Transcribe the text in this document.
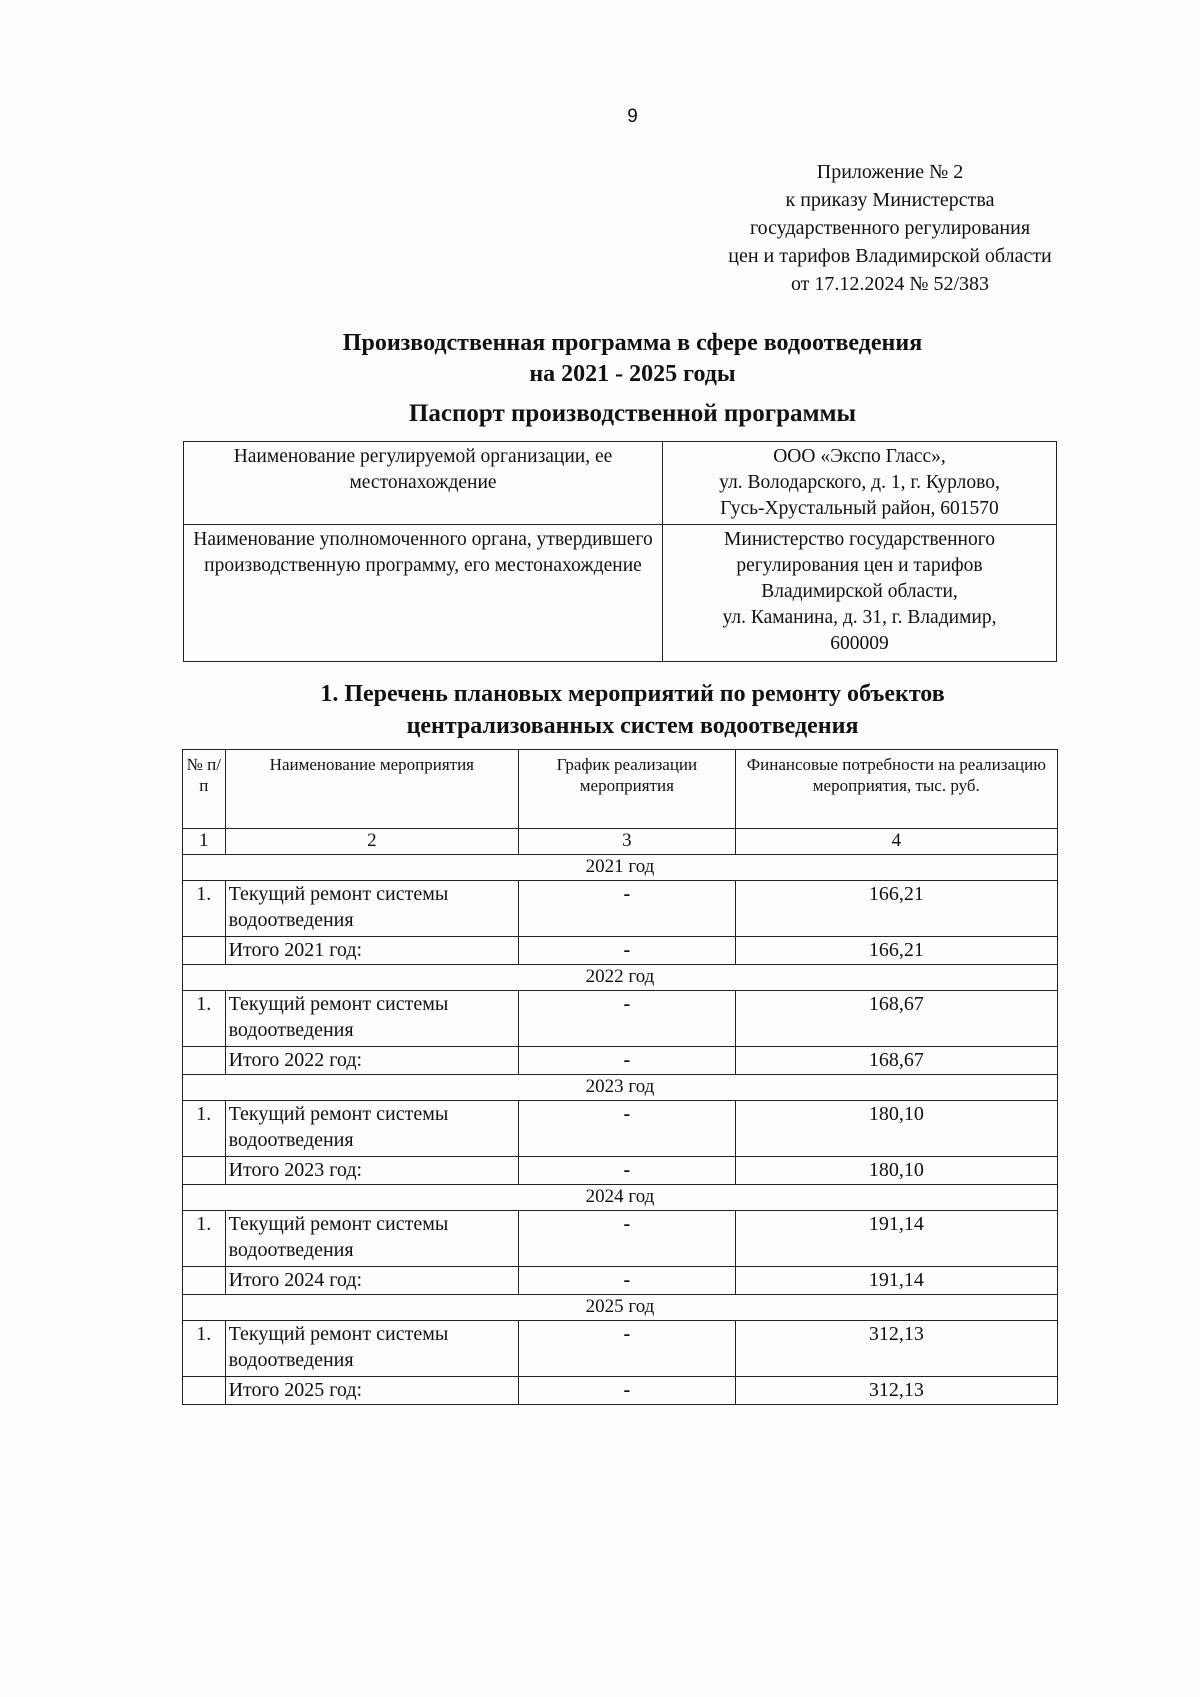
9
Приложение № 2
к приказу Министерства
государственного регулирования
цен и тарифов Владимирской области
от 17.12.2024 № 52/383
Производственная программа в сфере водоотведения
на 2021 - 2025 годы
Паспорт производственной программы
Наименование регулируемой организации, ее местонахождение	ООО «Экспо Гласс»,
ул. Володарского, д. 1, г. Курлово,
Гусь-Хрустальный район, 601570

Наименование уполномоченного органа, утвердившего производственную программу, его местонахождение	Министерство государственного
регулирования цен и тарифов
Владимирской области,
ул. Каманина, д. 31, г. Владимир,
600009
1. Перечень плановых мероприятий по ремонту объектов
централизованных систем водоотведения
№ п/п	Наименование мероприятия	График реализации мероприятия	Финансовые потребности на реализацию мероприятия, тыс. руб.
1	2	3	4
2021 год			
1.	Текущий ремонт системы водоотведения	-	166,21
	Итого 2021 год:	-	166,21
2022 год			
1.	Текущий ремонт системы водоотведения	-	168,67
	Итого 2022 год:	-	168,67
2023 год			
1.	Текущий ремонт системы водоотведения	-	180,10
	Итого 2023 год:	-	180,10
2024 год			
1.	Текущий ремонт системы водоотведения	-	191,14
	Итого 2024 год:	-	191,14
2025 год			
1.	Текущий ремонт системы водоотведения	-	312,13
	Итого 2025 год:	-	312,13
